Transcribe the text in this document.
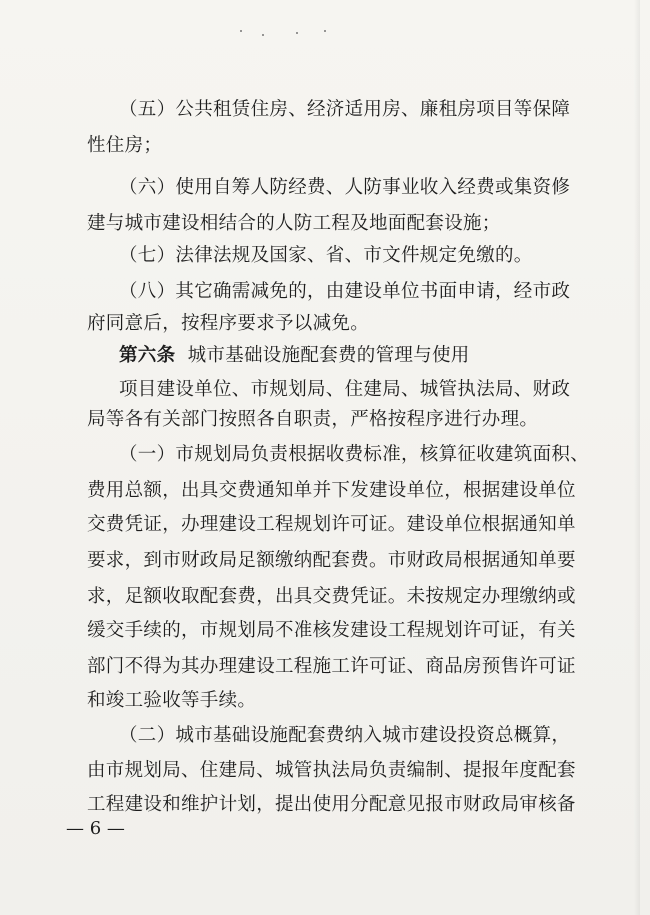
（五）公共租赁住房、经济适用房、廉租房项目等保障
性住房；
（六）使用自筹人防经费、人防事业收入经费或集资修
建与城市建设相结合的人防工程及地面配套设施；
（七）法律法规及国家、省、市文件规定免缴的。
（八）其它确需减免的，由建设单位书面申请，经市政
府同意后，按程序要求予以减免。
第六条 城市基础设施配套费的管理与使用
项目建设单位、市规划局、住建局、城管执法局、财政
局等各有关部门按照各自职责，严格按程序进行办理。
（一）市规划局负责根据收费标准，核算征收建筑面积、
费用总额，出具交费通知单并下发建设单位，根据建设单位
交费凭证，办理建设工程规划许可证。建设单位根据通知单
要求，到市财政局足额缴纳配套费。市财政局根据通知单要
求，足额收取配套费，出具交费凭证。未按规定办理缴纳或
缓交手续的，市规划局不准核发建设工程规划许可证，有关
部门不得为其办理建设工程施工许可证、商品房预售许可证
和竣工验收等手续。
（二）城市基础设施配套费纳入城市建设投资总概算，
由市规划局、住建局、城管执法局负责编制、提报年度配套
工程建设和维护计划，提出使用分配意见报市财政局审核备
— 6 —
